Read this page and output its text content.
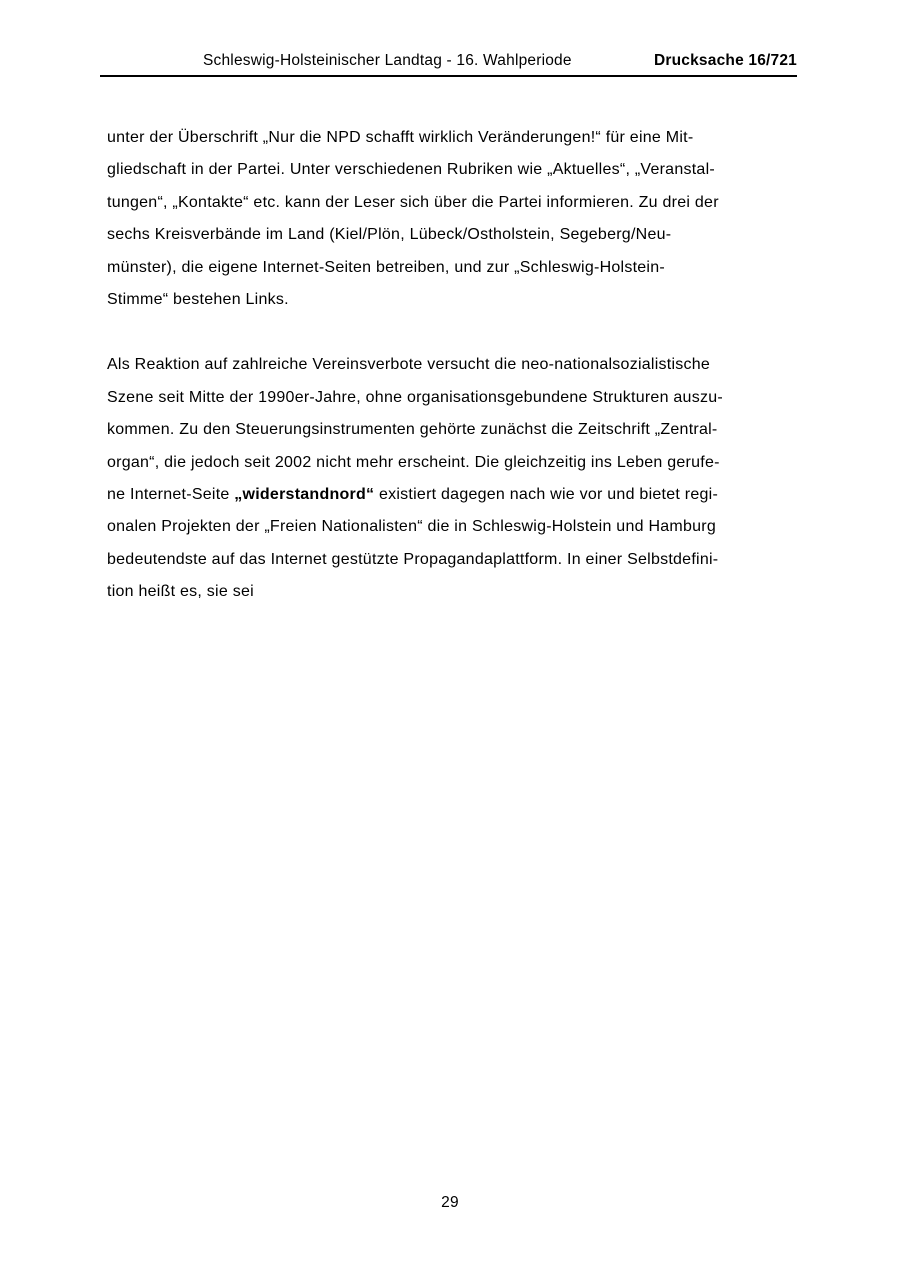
Schleswig-Holsteinischer Landtag - 16. Wahlperiode	Drucksache 16/721
unter der Überschrift „Nur die NPD schafft wirklich Veränderungen!“ für eine Mit-
gliedschaft in der Partei. Unter verschiedenen Rubriken wie „Aktuelles“, „Veranstal-
tungen“, „Kontakte“ etc. kann der Leser sich über die Partei informieren. Zu drei der
sechs Kreisverbände im Land (Kiel/Plön, Lübeck/Ostholstein, Segeberg/Neu-
münster), die eigene Internet-Seiten betreiben, und zur „Schleswig-Holstein-
Stimme“ bestehen Links.
Als Reaktion auf zahlreiche Vereinsverbote versucht die neo-nationalsozialistische
Szene seit Mitte der 1990er-Jahre, ohne organisationsgebundene Strukturen auszu-
kommen. Zu den Steuerungsinstrumenten gehörte zunächst die Zeitschrift „Zentral-
organ“, die jedoch seit 2002 nicht mehr erscheint. Die gleichzeitig ins Leben gerufe-
ne Internet-Seite „widerstandnord“ existiert dagegen nach wie vor und bietet regi-
onalen Projekten der „Freien Nationalisten“ die in Schleswig-Holstein und Hamburg
bedeutendste auf das Internet gestützte Propagandaplattform. In einer Selbstdefini-
tion heißt es, sie sei
29
